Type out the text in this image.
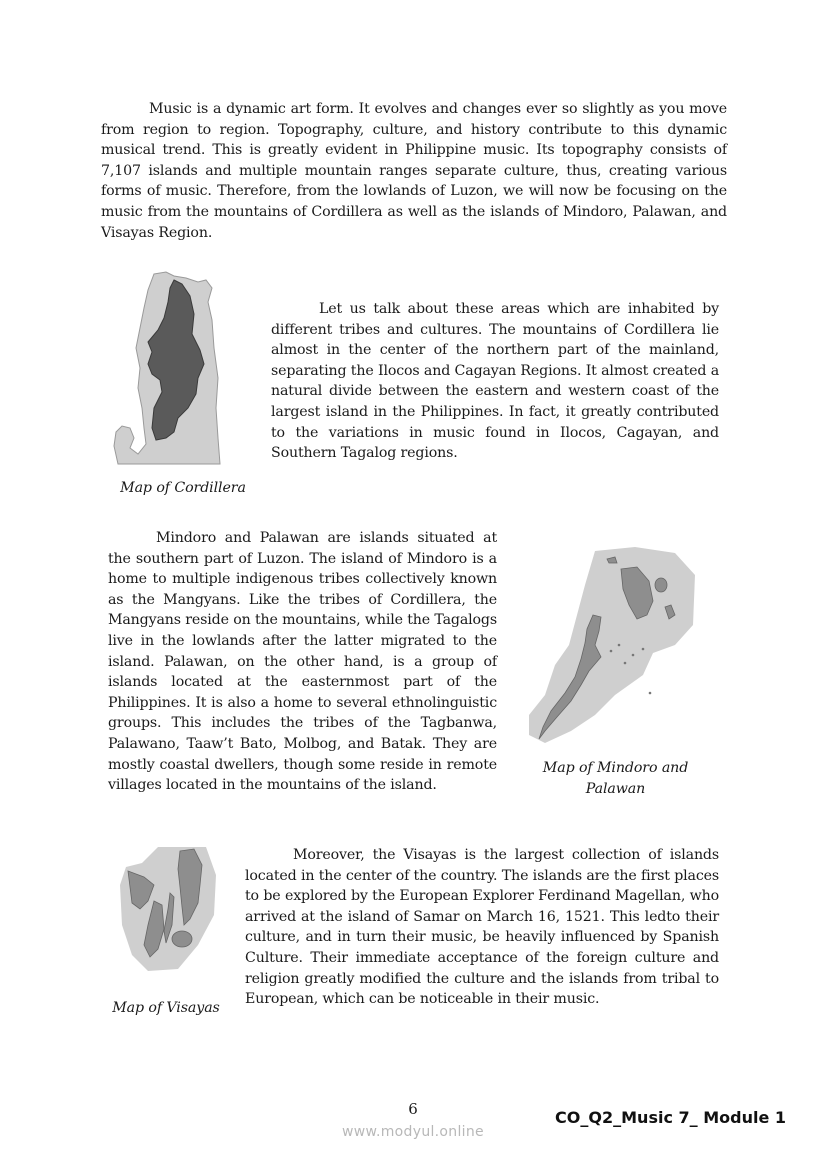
Music is a dynamic art form. It evolves and changes ever so slightly as you move from region to region. Topography, culture, and history contribute to this dynamic musical trend. This is greatly evident in Philippine music. Its topography consists of 7,107 islands and multiple mountain ranges separate culture, thus, creating various forms of music. Therefore, from the lowlands of Luzon, we will now be focusing on the music from the mountains of Cordillera as well as the islands of Mindoro, Palawan, and Visayas Region.
Map of Cordillera
Let us talk about these areas which are inhabited by different tribes and cultures. The mountains of Cordillera lie almost in the center of the northern part of the mainland, separating the Ilocos and Cagayan Regions. It almost created a natural divide between the eastern and western coast of the largest island in the Philippines. In fact, it greatly contributed to the variations in music found in Ilocos, Cagayan, and Southern Tagalog regions.
Mindoro and Palawan are islands situated at the southern part of Luzon. The island of Mindoro is a home to multiple indigenous tribes collectively known as the Mangyans. Like the tribes of Cordillera, the Mangyans reside on the mountains, while the Tagalogs live in the lowlands after the latter migrated to the island. Palawan, on the other hand, is a group of islands located at the easternmost part of the Philippines. It is also a home to several ethnolinguistic groups. This includes the tribes of the Tagbanwa, Palawano, Taaw’t Bato, Molbog, and Batak. They are mostly coastal dwellers, though some reside in remote villages located in the mountains of the island.
Map of Mindoro and Palawan
Map of Visayas
Moreover, the Visayas is the largest collection of islands located in the center of the country. The islands are the first places to be explored by the European Explorer Ferdinand Magellan, who arrived at the island of Samar on March 16, 1521. This ledto their culture, and in turn their music, be heavily influenced by Spanish Culture. Their immediate acceptance of the foreign culture and religion greatly modified the culture and the islands from tribal to European, which can be noticeable in their music.
6
www.modyul.online
CO_Q2_Music 7_ Module 1
